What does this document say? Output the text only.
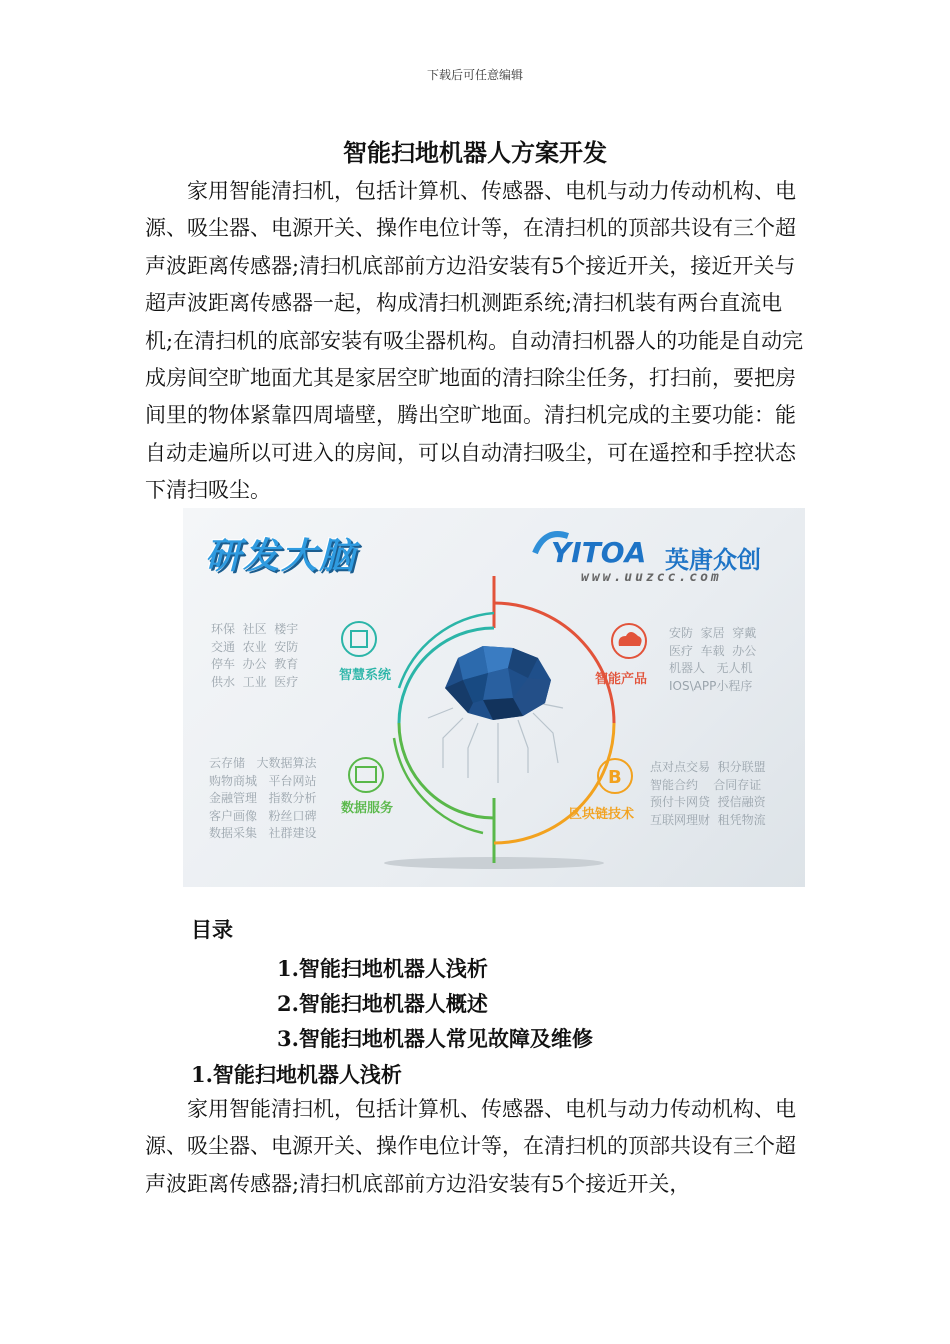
下载后可任意编辑
智能扫地机器人方案开发

家用智能清扫机，包括计算机、传感器、电机与动力传动机构、电源、吸尘器、电源开关、操作电位计等，在清扫机的顶部共设有三个超声波距离传感器;清扫机底部前方边沿安装有5个接近开关，接近开关与超声波距离传感器一起，构成清扫机测距系统;清扫机装有两台直流电机;在清扫机的底部安装有吸尘器机构。自动清扫机器人的功能是自动完成房间空旷地面尤其是家居空旷地面的清扫除尘任务，打扫前，要把房间里的物体紧靠四周墙壁，腾出空旷地面。清扫机完成的主要功能：能自动走遍所以可进入的房间，可以自动清扫吸尘，可在遥控和手控状态下清扫吸尘。

B
研发大脑	YITOA 英唐众创
www.uuzcc.com
环保  社区  楼宇
交通  农业  安防
停车  办公  教育
供水  工业  医疗	智慧系统
安防  家居  穿戴
医疗  车载  办公
机器人   无人机
IOS\APP小程序
智能产品
云存储   大数据算法
购物商城   平台网站
金融管理   指数分析
客户画像   粉丝口碑
数据采集   社群建设
数据服务
点对点交易  积分联盟
智能合约    合同存证
预付卡网贷  授信融资
互联网理财  租凭物流
区块链技术
目录
1.智能扫地机器人浅析
2.智能扫地机器人概述
3.智能扫地机器人常见故障及维修
1.智能扫地机器人浅析

家用智能清扫机，包括计算机、传感器、电机与动力传动机构、电源、吸尘器、电源开关、操作电位计等，在清扫机的顶部共设有三个超声波距离传感器;清扫机底部前方边沿安装有5个接近开关，
